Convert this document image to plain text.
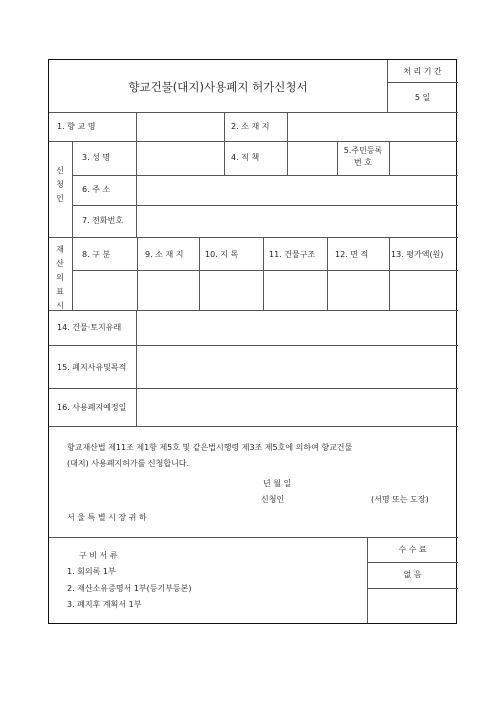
향교건물(대지)사용폐지 허가신청서
처 리 기 간
5 일
1. 향 교 명	2. 소 재 지
신청인
3. 성 명	4. 직 책
5.주민등록
번 호
6. 주 소
7. 전화번호
재산의표시
8. 구 분	9. 소 재 지	10. 지 목	11. 건물구조 12. 면 적	13. 평가액(원)
14. 건물·토지유래
15. 폐지사유및목적
16. 사용폐지예정일
향교재산법 제11조 제1항 제5호 및 같은법시행령 제3조 제5호에 의하여 향교건물
(대지) 사용폐지허가를 신청합니다.
년 월 일
신청인	(서명 또는 도장)
서 울 특 별 시 장 귀 하
구 비 서 류
1. 회의록 1부
2. 재산소유증명서 1부(등기부등본)
3. 폐지후 계획서 1부
수 수 료
없 음
